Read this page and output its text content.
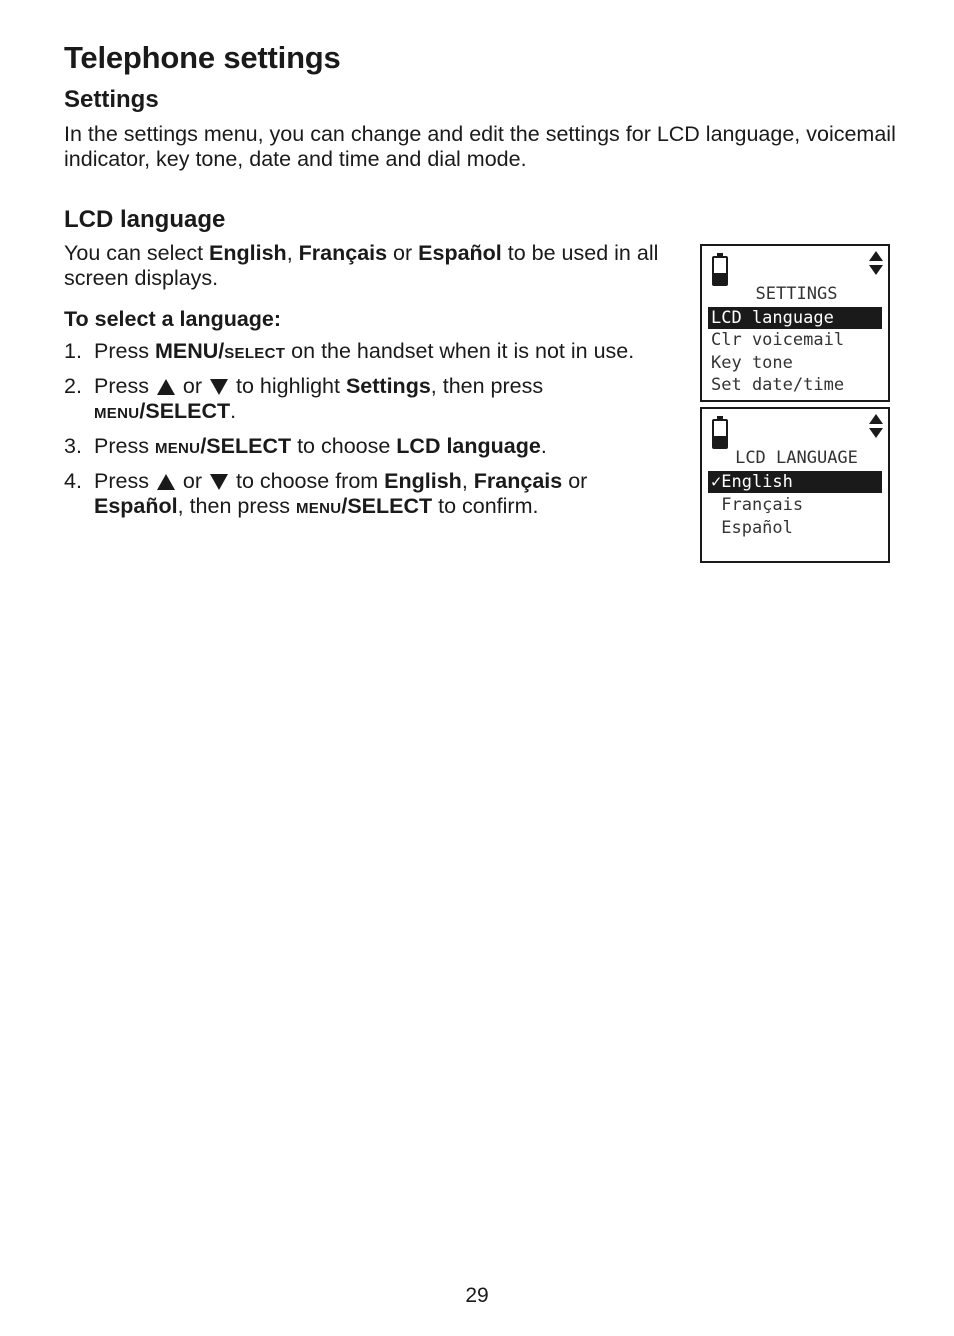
Telephone settings
Settings

In the settings menu, you can change and edit the settings for LCD language, voicemail indicator, key tone, date and time and dial mode.

LCD language

You can select English, Français or Español to be used in all screen displays.

To select a language:

1. Press MENU/SELECT on the handset when it is not in use.
2. Press  or  to highlight Settings, then press MENU/SELECT.
3. Press MENU/SELECT to choose LCD language.
4. Press  or  to choose from English, Français or Español, then press MENU/SELECT to confirm.
SETTINGS
LCD language
Clr voicemail
Key tone
Set date/time
LCD LANGUAGE
✓English
Français
Español
29
